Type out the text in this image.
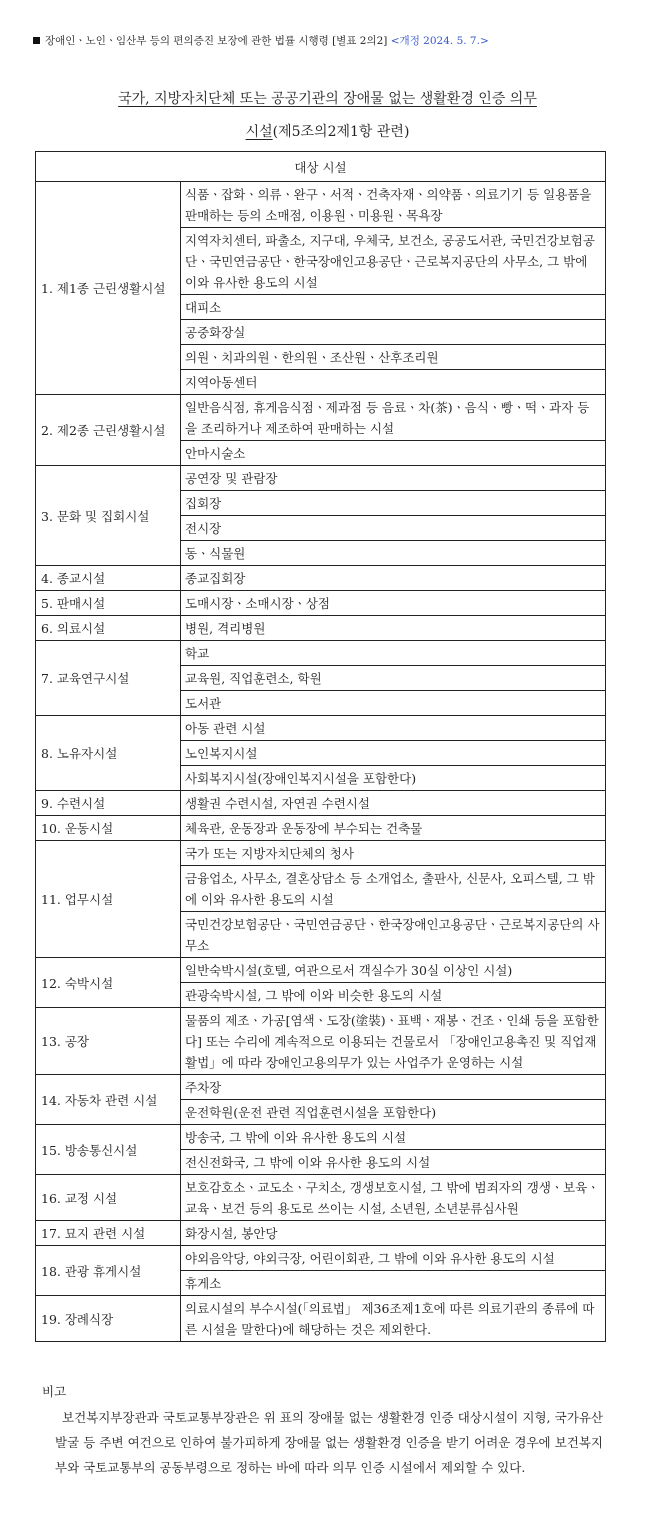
장애인ㆍ노인ㆍ임산부 등의 편의증진 보장에 관한 법률 시행령 [별표 2의2] <개정 2024. 5. 7.>
국가, 지방자치단체 또는 공공기관의 장애물 없는 생활환경 인증 의무
시설(제5조의2제1항 관련)
대상 시설	
1. 제1종 근린생활시설	식품ㆍ잡화ㆍ의류ㆍ완구ㆍ서적ㆍ건축자재ㆍ의약품ㆍ의료기기 등 일용품을 판매하는 등의 소매점, 이용원ㆍ미용원ㆍ목욕장
	지역자치센터, 파출소, 지구대, 우체국, 보건소, 공공도서관, 국민건강보험공단ㆍ국민연금공단ㆍ한국장애인고용공단ㆍ근로복지공단의 사무소, 그 밖에 이와 유사한 용도의 시설
	대피소
	공중화장실
	의원ㆍ치과의원ㆍ한의원ㆍ조산원ㆍ산후조리원
	지역아동센터
2. 제2종 근린생활시설	일반음식점, 휴게음식점ㆍ제과점 등 음료ㆍ차(茶)ㆍ음식ㆍ빵ㆍ떡ㆍ과자 등을 조리하거나 제조하여 판매하는 시설
	안마시술소
3. 문화 및 집회시설	공연장 및 관람장
	집회장
	전시장
	동ㆍ식물원
4. 종교시설	종교집회장
5. 판매시설	도매시장ㆍ소매시장ㆍ상점
6. 의료시설	병원, 격리병원
7. 교육연구시설	학교
	교육원, 직업훈련소, 학원
	도서관
8. 노유자시설	아동 관련 시설
	노인복지시설
	사회복지시설(장애인복지시설을 포함한다)
9. 수련시설	생활권 수련시설, 자연권 수련시설
10. 운동시설	체육관, 운동장과 운동장에 부수되는 건축물
11. 업무시설	국가 또는 지방자치단체의 청사
	금융업소, 사무소, 결혼상담소 등 소개업소, 출판사, 신문사, 오피스텔, 그 밖에 이와 유사한 용도의 시설
	국민건강보험공단ㆍ국민연금공단ㆍ한국장애인고용공단ㆍ근로복지공단의 사무소
12. 숙박시설	일반숙박시설(호텔, 여관으로서 객실수가 30실 이상인 시설)
	관광숙박시설, 그 밖에 이와 비슷한 용도의 시설
13. 공장	물품의 제조ㆍ가공[염색ㆍ도장(塗裝)ㆍ표백ㆍ재봉ㆍ건조ㆍ인쇄 등을 포함한다] 또는 수리에 계속적으로 이용되는 건물로서 「장애인고용촉진 및 직업재활법」에 따라 장애인고용의무가 있는 사업주가 운영하는 시설
14. 자동차 관련 시설	주차장
	운전학원(운전 관련 직업훈련시설을 포함한다)
15. 방송통신시설	방송국, 그 밖에 이와 유사한 용도의 시설
	전신전화국, 그 밖에 이와 유사한 용도의 시설
16. 교정 시설	보호감호소ㆍ교도소ㆍ구치소, 갱생보호시설, 그 밖에 범죄자의 갱생ㆍ보육ㆍ교육ㆍ보건 등의 용도로 쓰이는 시설, 소년원, 소년분류심사원
17. 묘지 관련 시설	화장시설, 봉안당
18. 관광 휴게시설	야외음악당, 야외극장, 어린이회관, 그 밖에 이와 유사한 용도의 시설
	휴게소
19. 장례식장	의료시설의 부수시설(「의료법」 제36조제1호에 따른 의료기관의 종류에 따른 시설을 말한다)에 해당하는 것은 제외한다.
비고
보건복지부장관과 국토교통부장관은 위 표의 장애물 없는 생활환경 인증 대상시설이 지형, 국가유산 발굴 등 주변 여건으로 인하여 불가피하게 장애물 없는 생활환경 인증을 받기 어려운 경우에 보건복지부와 국토교통부의 공동부령으로 정하는 바에 따라 의무 인증 시설에서 제외할 수 있다.
